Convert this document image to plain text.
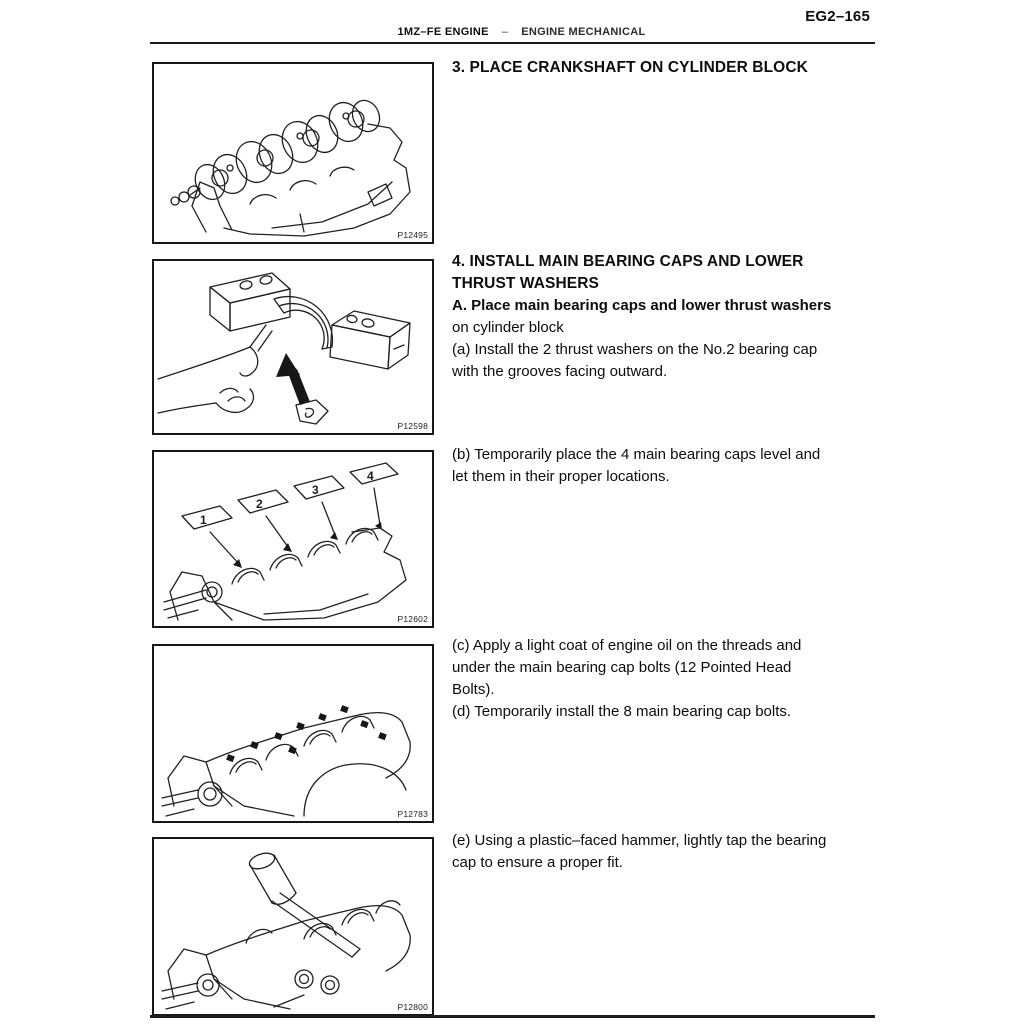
EG2–165
1MZ–FE ENGINE – ENGINE MECHANICAL
P12495
P12598
1
2
3
4
P12602
P12783
P12800
3. PLACE CRANKSHAFT ON CYLINDER BLOCK
4. INSTALL MAIN BEARING CAPS AND LOWER
THRUST WASHERS
A. Place main bearing caps and lower thrust washers
on cylinder block
(a) Install the 2 thrust washers on the No.2 bearing cap
with the grooves facing outward.
(b) Temporarily place the 4 main bearing caps level and
let them in their proper locations.
(c) Apply a light coat of engine oil on the threads and
under the main bearing cap bolts (12 Pointed Head
Bolts).
(d) Temporarily install the 8 main bearing cap bolts.
(e) Using a plastic–faced hammer, lightly tap the bearing
cap to ensure a proper fit.
